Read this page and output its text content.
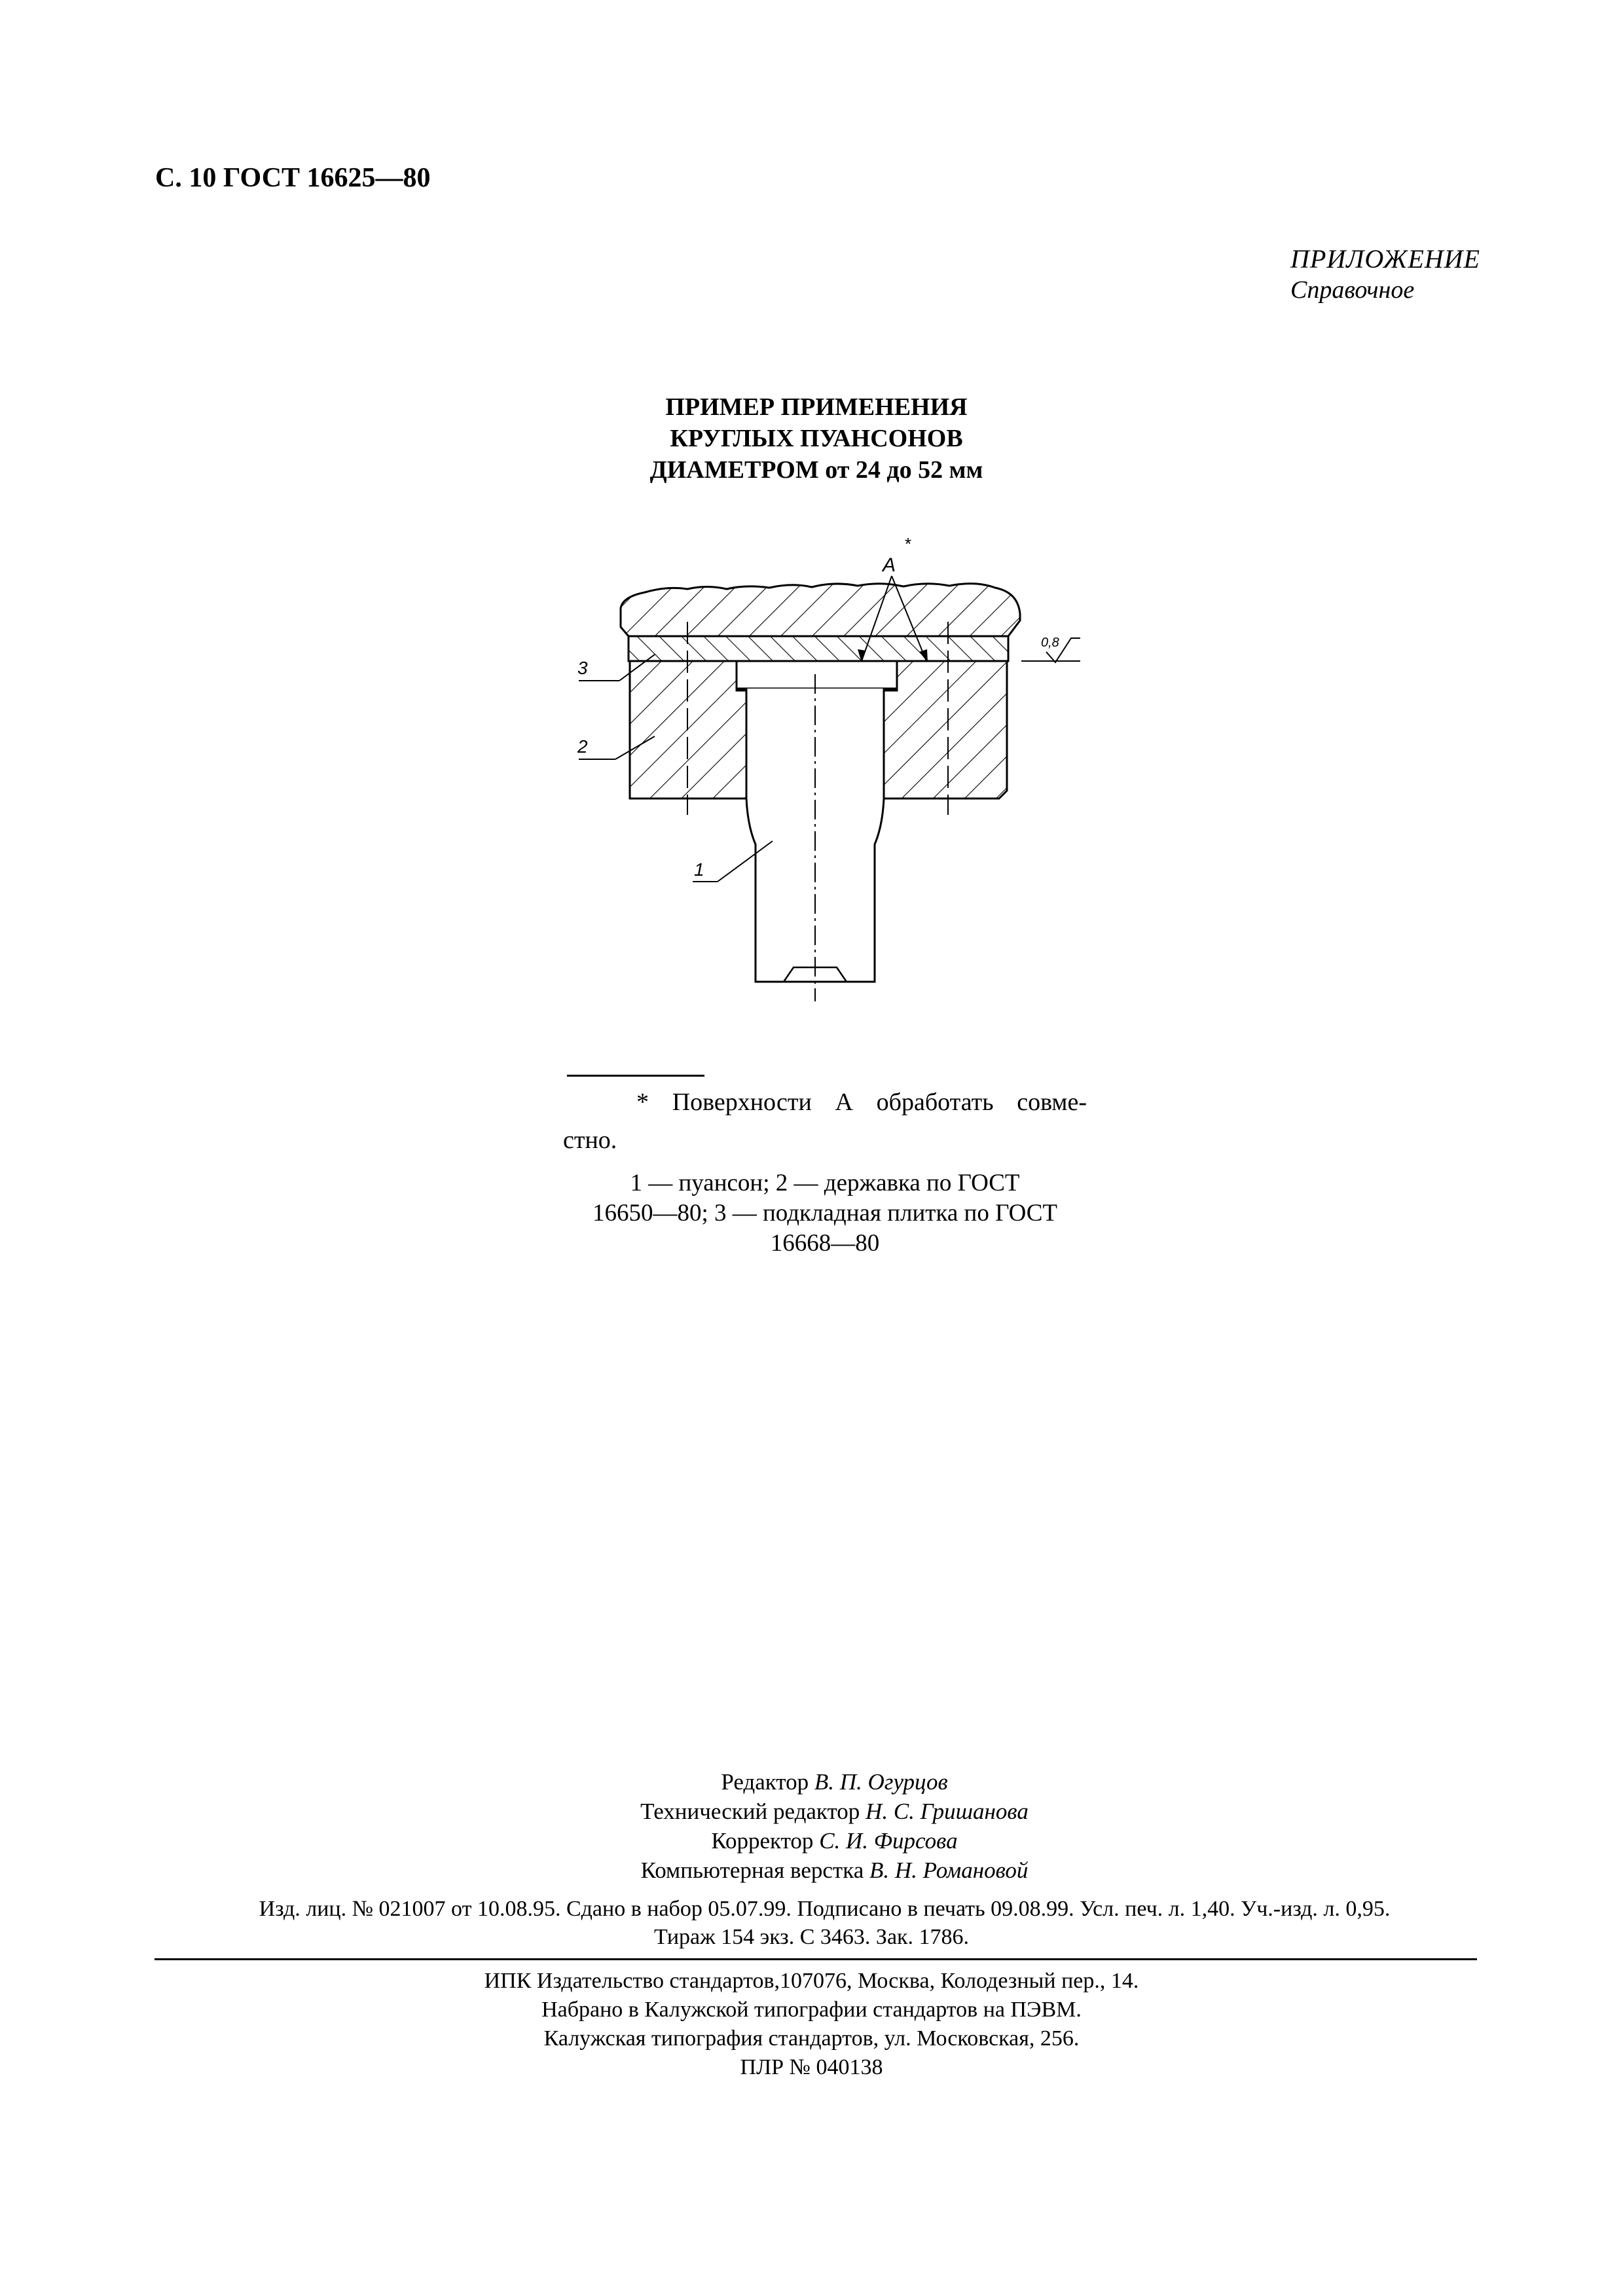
С. 10 ГОСТ 16625—80
ПРИЛОЖЕНИЕ
Справочное
ПРИМЕР ПРИМЕНЕНИЯ
КРУГЛЫХ ПУАНСОНОВ
ДИАМЕТРОМ от 24 до 52 мм
А
*
0,8
3
2
1
* Поверхности А обработать совме-
стно.
1 — пуансон; 2 — державка по ГОСТ
16650—80; 3 — подкладная плитка по ГОСТ
16668—80
Редактор В. П. Огурцов
Технический редактор Н. С. Гришанова
Корректор С. И. Фирсова
Компьютерная верстка В. Н. Романовой
Изд. лиц. № 021007 от 10.08.95. Сдано в набор 05.07.99. Подписано в печать 09.08.99. Усл. печ. л. 1,40. Уч.-изд. л. 0,95.
Тираж 154 экз. С 3463. Зак. 1786.
ИПК Издательство стандартов,107076, Москва, Колодезный пер., 14.
Набрано в Калужской типографии стандартов на ПЭВМ.
Калужская типография стандартов, ул. Московская, 256.
ПЛР № 040138
